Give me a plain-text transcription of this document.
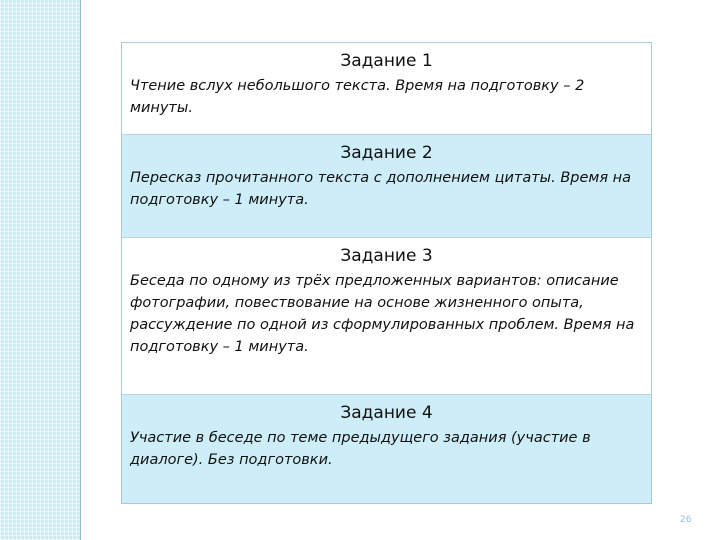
Задание 1

Чтение вслух небольшого текста. Время на подготовку – 2 минуты.

Задание 2

Пересказ прочитанного текста с дополнением цитаты. Время на подготовку – 1 минута.

Задание 3

Беседа по одному из трёх предложенных вариантов: описание фотографии, повествование на основе жизненного опыта, рассуждение по одной из сформулированных проблем. Время на подготовку – 1 минута.

Задание 4

Участие в беседе по теме предыдущего задания (участие в диалоге). Без подготовки.

26
